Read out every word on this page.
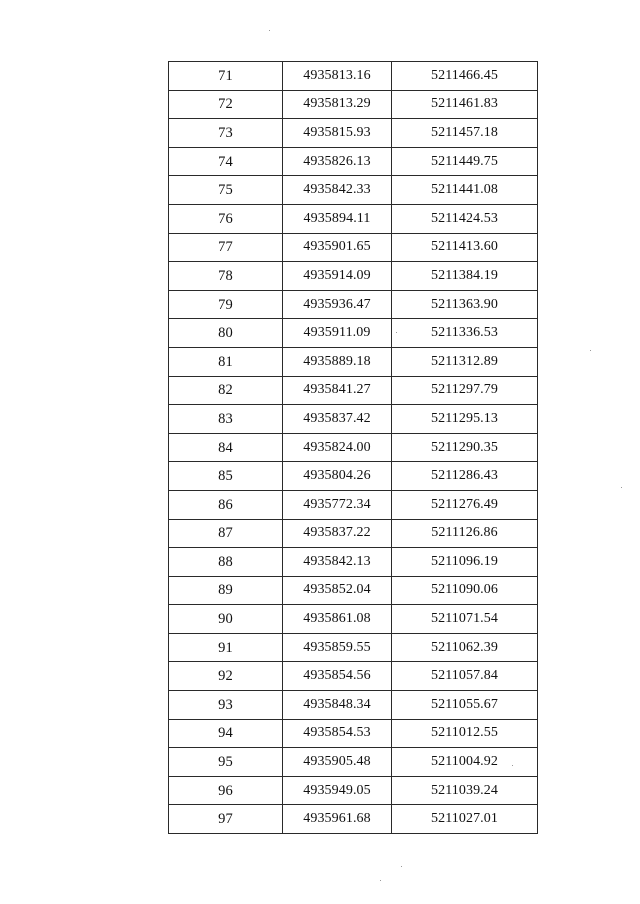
71	4935813.16	5211466.45
72	4935813.29	5211461.83
73	4935815.93	5211457.18
74	4935826.13	5211449.75
75	4935842.33	5211441.08
76	4935894.11	5211424.53
77	4935901.65	5211413.60
78	4935914.09	5211384.19
79	4935936.47	5211363.90
80	4935911.09	5211336.53
81	4935889.18	5211312.89
82	4935841.27	5211297.79
83	4935837.42	5211295.13
84	4935824.00	5211290.35
85	4935804.26	5211286.43
86	4935772.34	5211276.49
87	4935837.22	5211126.86
88	4935842.13	5211096.19
89	4935852.04	5211090.06
90	4935861.08	5211071.54
91	4935859.55	5211062.39
92	4935854.56	5211057.84
93	4935848.34	5211055.67
94	4935854.53	5211012.55
95	4935905.48	5211004.92
96	4935949.05	5211039.24
97	4935961.68	5211027.01
